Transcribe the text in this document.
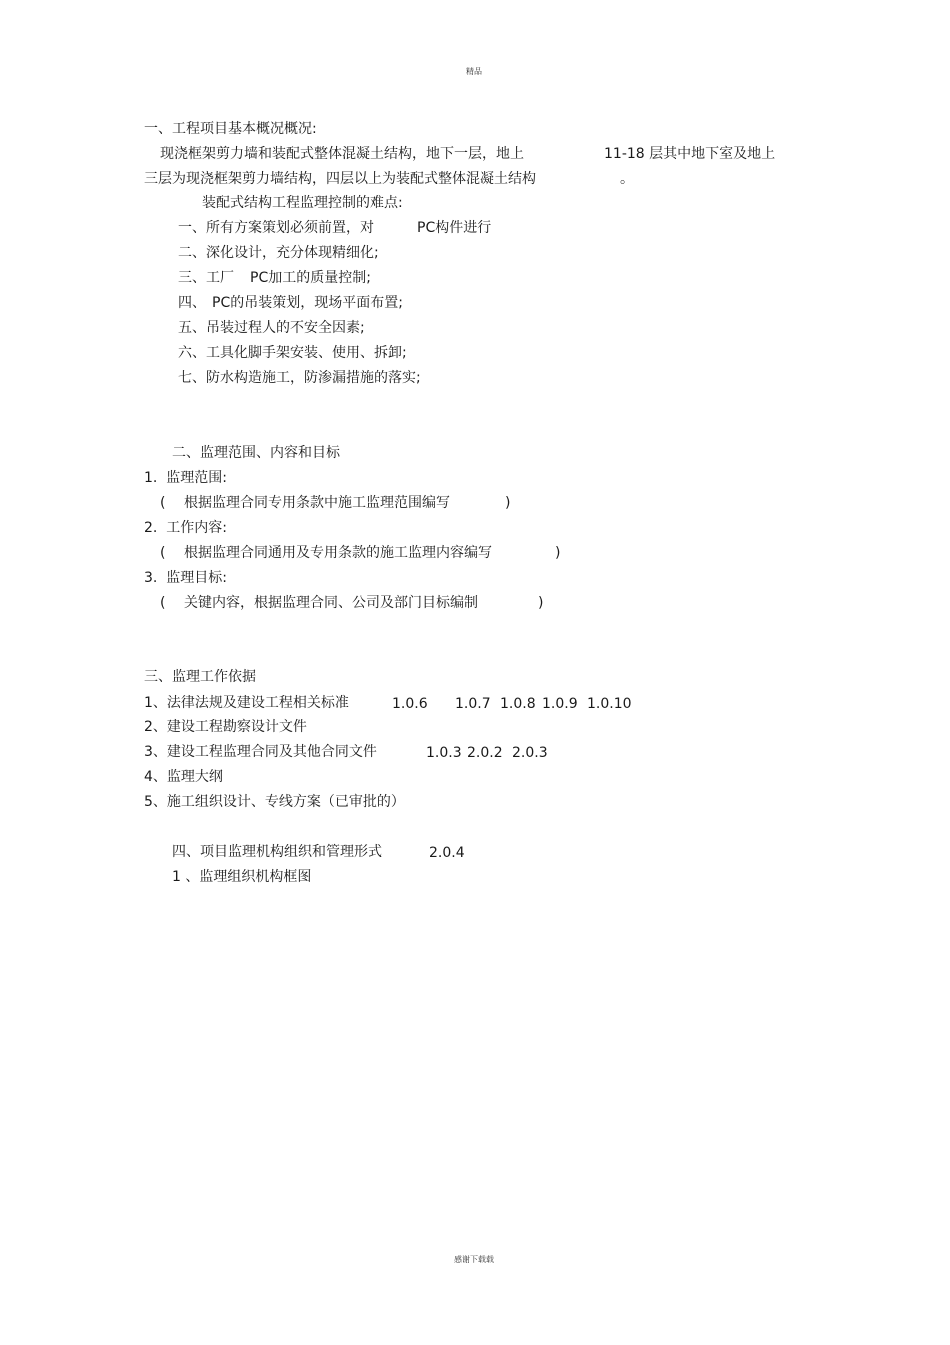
精品
一、工程项目基本概况概况:
现浇框架剪力墙和装配式整体混凝土结构，地下一层，地上	11-18 层其中地下室及地上
三层为现浇框架剪力墙结构，四层以上为装配式整体混凝土结构	。
装配式结构工程监理控制的难点:
一、所有方案策划必须前置，对	PC构件进行
二、深化设计，充分体现精细化;
三、工厂 PC加工的质量控制;
四、 PC的吊装策划，现场平面布置;
五、吊装过程人的不安全因素;
六、工具化脚手架安装、使用、拆卸;
七、防水构造施工，防渗漏措施的落实;
二、监理范围、内容和目标
1.  监理范围:
( 根据监理合同专用条款中施工监理范围编写	)
2.  工作内容:
( 根据监理合同通用及专用条款的施工监理内容编写	)
3.  监理目标:
( 关键内容，根据监理合同、公司及部门目标编制	)
三、监理工作依据
1、法律法规及建设工程相关标准	1.0.6 1.0.7 1.0.8 1.0.9 1.0.10
2、建设工程勘察设计文件
3、建设工程监理合同及其他合同文件	1.0.3 2.0.2 2.0.3
4、监理大纲
5、施工组织设计、专线方案（已审批的）
四、项目监理机构组织和管理形式	2.0.4
1 、监理组织机构框图
感谢下载载
